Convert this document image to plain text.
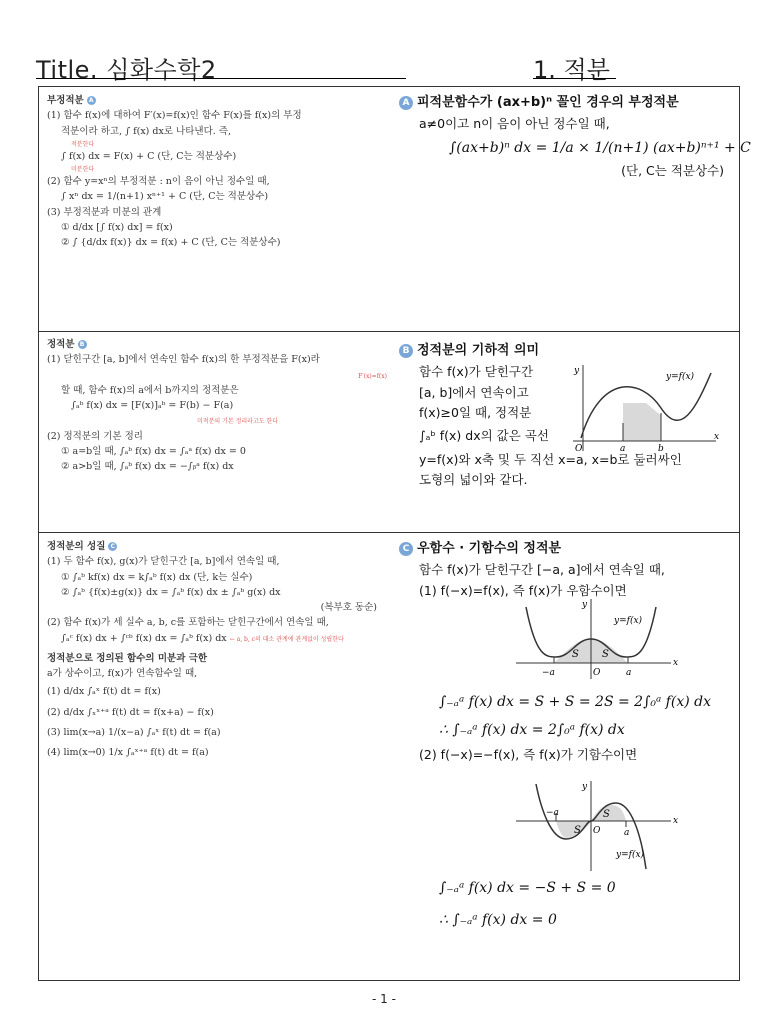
Title. 심화수학2	1. 적분
부정적분 A
(1) 함수 f(x)에 대하여 F′(x)=f(x)인 함수 F(x)를 f(x)의 부정
적분이라 하고, ∫ f(x) dx로 나타낸다. 즉,
적분한다
∫ f(x) dx = F(x) + C (단, C는 적분상수)
미분한다
(2) 함수 y=xⁿ의 부정적분 : n이 음이 아닌 정수일 때,
∫ xⁿ dx = 1/(n+1) xⁿ⁺¹ + C (단, C는 적분상수)
(3) 부정적분과 미분의 관계
① d/dx [∫ f(x) dx] = f(x)
② ∫ {d/dx f(x)} dx = f(x) + C (단, C는 적분상수)
A 피적분함수가 (ax+b)ⁿ 꼴인 경우의 부정적분
a≠0이고 n이 음이 아닌 정수일 때,
∫(ax+b)ⁿ dx = 1/a × 1/(n+1) (ax+b)ⁿ⁺¹ + C
(단, C는 적분상수)
정적분 B
(1) 닫힌구간 [a, b]에서 연속인 함수 f(x)의 한 부정적분을 F(x)라
F′(x)=f(x)
할 때, 함수 f(x)의 a에서 b까지의 정적분은
∫ₐᵇ f(x) dx = [F(x)]ₐᵇ = F(b) − F(a)
미적분의 기본 정리라고도 한다
(2) 정적분의 기본 정리
① a=b일 때, ∫ₐᵇ f(x) dx = ∫ₐᵃ f(x) dx = 0
② a>b일 때, ∫ₐᵇ f(x) dx = −∫ᵦᵃ f(x) dx
B 정적분의 기하적 의미
함수 f(x)가 닫힌구간
[a, b]에서 연속이고
f(x)≥0일 때, 정적분
∫ₐᵇ f(x) dx의 값은 곡선
y=f(x)와 x축 및 두 직선 x=a, x=b로 둘러싸인
도형의 넓이와 같다.
y
x
y=f(x)
O	a	b
정적분의 성질 C
(1) 두 함수 f(x), g(x)가 닫힌구간 [a, b]에서 연속일 때,
① ∫ₐᵇ kf(x) dx = k∫ₐᵇ f(x) dx (단, k는 실수)
② ∫ₐᵇ {f(x)±g(x)} dx = ∫ₐᵇ f(x) dx ± ∫ₐᵇ g(x) dx
(복부호 동순)
(2) 함수 f(x)가 세 실수 a, b, c를 포함하는 닫힌구간에서 연속일 때,
∫ₐᶜ f(x) dx + ∫ᶜᵇ f(x) dx = ∫ₐᵇ f(x) dx ← a, b, c의 대소 관계에 관계없이 성립한다
정적분으로 정의된 함수의 미분과 극한
a가 상수이고, f(x)가 연속함수일 때,
(1) d/dx ∫ₐˣ f(t) dt = f(x)
(2) d/dx ∫ₓˣ⁺ᵃ f(t) dt = f(x+a) − f(x)
(3) lim(x→a) 1/(x−a) ∫ₐˣ f(t) dt = f(a)
(4) lim(x→0) 1/x ∫ₐˣ⁺ᵃ f(t) dt = f(a)
C 우함수 · 기함수의 정적분
함수 f(x)가 닫힌구간 [−a, a]에서 연속일 때,
(1) f(−x)=f(x), 즉 f(x)가 우함수이면
y
x
y=f(x)
S S
O
−a	a
∫₋ₐᵃ f(x) dx = S + S = 2S = 2∫₀ᵃ f(x) dx
∴ ∫₋ₐᵃ f(x) dx = 2∫₀ᵃ f(x) dx
(2) f(−x)=−f(x), 즉 f(x)가 기함수이면
y
x
y=f(x)
S
S
O
−a
a
∫₋ₐᵃ f(x) dx = −S + S = 0
∴ ∫₋ₐᵃ f(x) dx = 0
- 1 -
